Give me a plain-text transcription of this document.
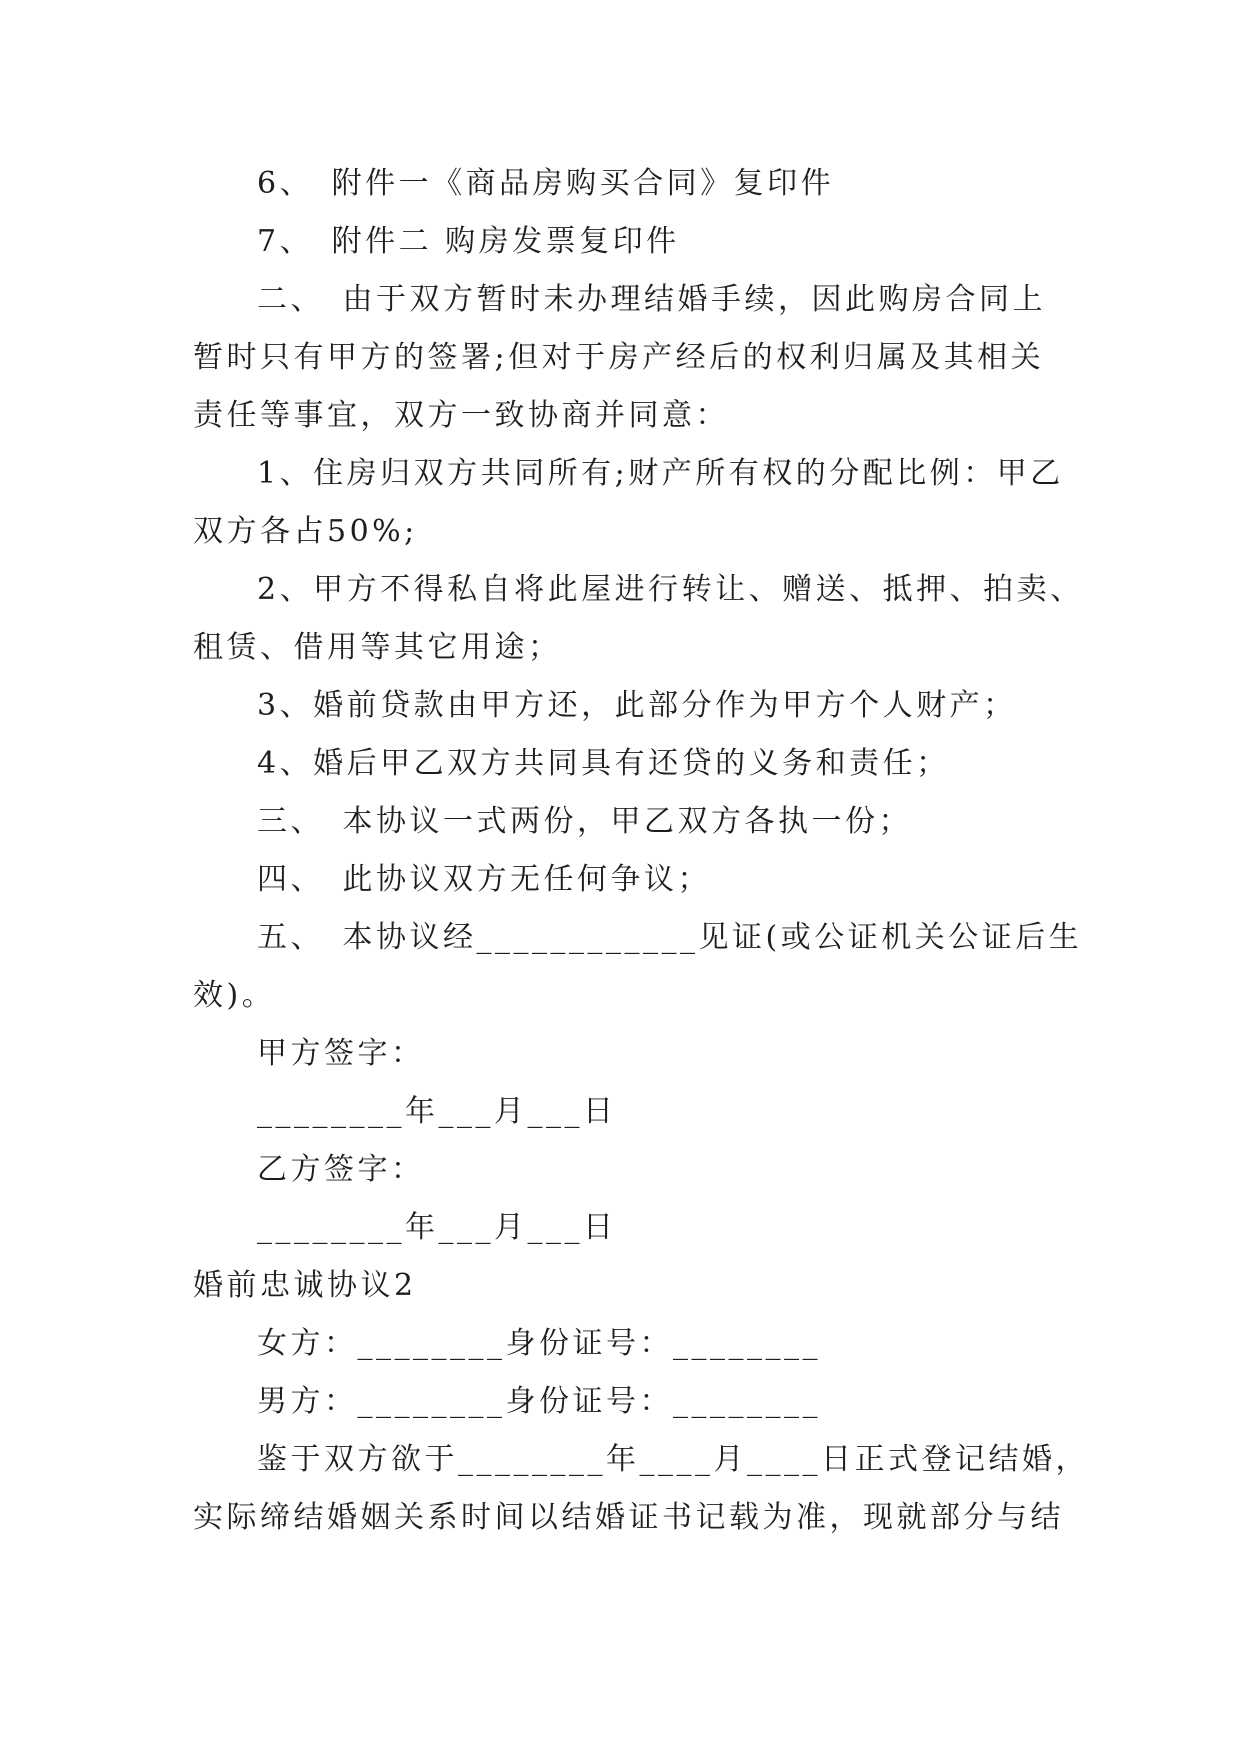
6、　附件一《商品房购买合同》复印件
7、　附件二 购房发票复印件
二、　由于双方暂时未办理结婚手续，因此购房合同上
暂时只有甲方的签署;但对于房产经后的权利归属及其相关
责任等事宜，双方一致协商并同意：
1、住房归双方共同所有;财产所有权的分配比例：甲乙
双方各占50%;
2、甲方不得私自将此屋进行转让、赠送、抵押、拍卖、
租赁、借用等其它用途；
3、婚前贷款由甲方还，此部分作为甲方个人财产；
4、婚后甲乙双方共同具有还贷的义务和责任；
三、　本协议一式两份，甲乙双方各执一份；
四、　此协议双方无任何争议；
五、　本协议经____________见证(或公证机关公证后生
效)。
甲方签字：
________年___月___日
乙方签字：
________年___月___日
婚前忠诚协议2
女方：________身份证号：________
男方：________身份证号：________
鉴于双方欲于________年____月____日正式登记结婚，
实际缔结婚姻关系时间以结婚证书记载为准，现就部分与结
